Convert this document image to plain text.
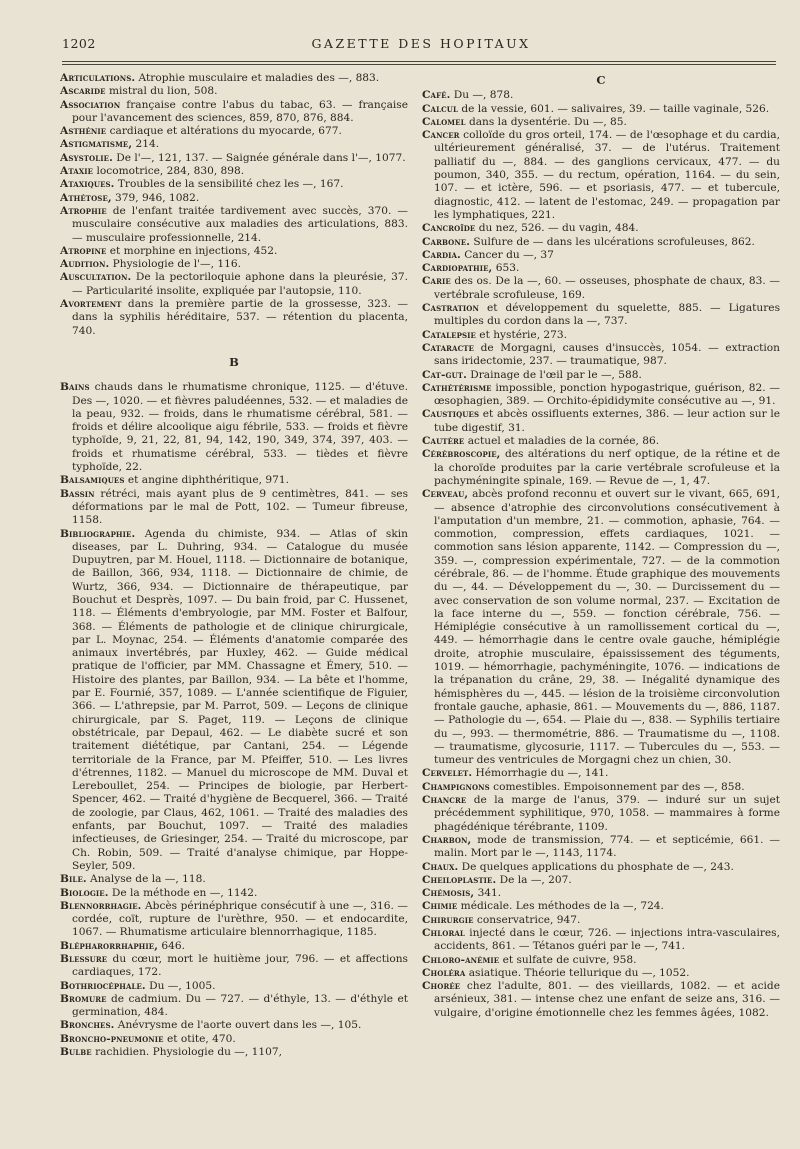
1202	GAZETTE DES HOPITAUX

Articulations. Atrophie musculaire et maladies des —, 883.

Ascaride mistral du lion, 508.

Association française contre l'abus du tabac, 63. — française pour l'avancement des sciences, 859, 870, 876, 884.

Asthénie cardiaque et altérations du myocarde, 677.

Astigmatisme, 214.

Asystolie. De l'—, 121, 137. — Saignée générale dans l'—, 1077.

Ataxie locomotrice, 284, 830, 898.

Ataxiques. Troubles de la sensibilité chez les —, 167.

Athétose, 379, 946, 1082.

Atrophie de l'enfant traitée tardivement avec succès, 370. — musculaire consécutive aux maladies des articulations, 883. — musculaire professionnelle, 214.

Atropine et morphine en injections, 452.

Audition. Physiologie de l'—, 116.

Auscultation. De la pectoriloquie aphone dans la pleurésie, 37. — Particularité insolite, expliquée par l'autopsie, 110.

Avortement dans la première partie de la grossesse, 323. — dans la syphilis héréditaire, 537. — rétention du placenta, 740.

B

Bains chauds dans le rhumatisme chronique, 1125. — d'étuve. Des —, 1020. — et fièvres paludéennes, 532. — et maladies de la peau, 932. — froids, dans le rhumatisme cérébral, 581. — froids et délire alcoolique aigu fébrile, 533. — froids et fièvre typhoïde, 9, 21, 22, 81, 94, 142, 190, 349, 374, 397, 403. — froids et rhumatisme cérébral, 533. — tièdes et fièvre typhoïde, 22.

Balsamiques et angine diphthéritique, 971.

Bassin rétréci, mais ayant plus de 9 centimètres, 841. — ses déformations par le mal de Pott, 102. — Tumeur fibreuse, 1158.

Bibliographie. Agenda du chimiste, 934. — Atlas of skin diseases, par L. Duhring, 934. — Catalogue du musée Dupuytren, par M. Houel, 1118. — Dictionnaire de botanique, de Baillon, 366, 934, 1118. — Dictionnaire de chimie, de Wurtz, 366, 934. — Dictionnaire de thérapeutique, par Bouchut et Desprès, 1097. — Du bain froid, par C. Hussenet, 118. — Éléments d'embryologie, par MM. Foster et Balfour, 368. — Éléments de pathologie et de clinique chirurgicale, par L. Moynac, 254. — Éléments d'anatomie comparée des animaux invertébrés, par Huxley, 462. — Guide médical pratique de l'officier, par MM. Chassagne et Émery, 510. — Histoire des plantes, par Baillon, 934. — La bête et l'homme, par E. Fournié, 357, 1089. — L'année scientifique de Figuier, 366. — L'athrepsie, par M. Parrot, 509. — Leçons de clinique chirurgicale, par S. Paget, 119. — Leçons de clinique obstétricale, par Depaul, 462. — Le diabète sucré et son traitement diététique, par Cantani, 254. — Légende territoriale de la France, par M. Pfeiffer, 510. — Les livres d'étrennes, 1182. — Manuel du microscope de MM. Duval et Lereboullet, 254. — Principes de biologie, par Herbert-Spencer, 462. — Traité d'hygiène de Becquerel, 366. — Traité de zoologie, par Claus, 462, 1061. — Traité des maladies des enfants, par Bouchut, 1097. — Traité des maladies infectieuses, de Griesinger, 254. — Traité du microscope, par Ch. Robin, 509. — Traité d'analyse chimique, par Hoppe-Seyler, 509.

Bile. Analyse de la —, 118.

Biologie. De la méthode en —, 1142.

Blennorrhagie. Abcès périnéphrique consécutif à une —, 316. — cordée, coït, rupture de l'urèthre, 950. — et endocardite, 1067. — Rhumatisme articulaire blennorrhagique, 1185.

Blépharorrhaphie, 646.

Blessure du cœur, mort le huitième jour, 796. — et affections cardiaques, 172.

Bothriocéphale. Du —, 1005.

Bromure de cadmium. Du — 727. — d'éthyle, 13. — d'éthyle et germination, 484.

Bronches. Anévrysme de l'aorte ouvert dans les —, 105.

Broncho-pneumonie et otite, 470.

Bulbe rachidien. Physiologie du —, 1107,

C

Café. Du —, 878.

Calcul de la vessie, 601. — salivaires, 39. — taille vaginale, 526.

Calomel dans la dysentérie. Du —, 85.

Cancer colloïde du gros orteil, 174. — de l'œsophage et du cardia, ultérieurement généralisé, 37. — de l'utérus. Traitement palliatif du —, 884. — des ganglions cervicaux, 477. — du poumon, 340, 355. — du rectum, opération, 1164. — du sein, 107. — et ictère, 596. — et psoriasis, 477. — et tubercule, diagnostic, 412. — latent de l'estomac, 249. — propagation par les lymphatiques, 221.

Cancroïde du nez, 526. — du vagin, 484.

Carbone. Sulfure de — dans les ulcérations scrofuleuses, 862.

Cardia. Cancer du —, 37

Cardiopathie, 653.

Carie des os. De la —, 60. — osseuses, phosphate de chaux, 83. — vertébrale scrofuleuse, 169.

Castration et développement du squelette, 885. — Ligatures multiples du cordon dans la —, 737.

Catalepsie et hystérie, 273.

Cataracte de Morgagni, causes d'insuccès, 1054. — extraction sans iridectomie, 237. — traumatique, 987.

Cat-gut. Drainage de l'œil par le —, 588.

Cathétérisme impossible, ponction hypogastrique, guérison, 82. — œsophagien, 389. — Orchito-épididymite consécutive au —, 91.

Caustiques et abcès ossifluents externes, 386. — leur action sur le tube digestif, 31.

Cautère actuel et maladies de la cornée, 86.

Cérébroscopie, des altérations du nerf optique, de la rétine et de la choroïde produites par la carie vertébrale scrofuleuse et la pachyméningite spinale, 169. — Revue de —, 1, 47.

Cerveau, abcès profond reconnu et ouvert sur le vivant, 665, 691, — absence d'atrophie des circonvolutions consécutivement à l'amputation d'un membre, 21. — commotion, aphasie, 764. — commotion, compression, effets cardiaques, 1021. — commotion sans lésion apparente, 1142. — Compression du —, 359. —, compression expérimentale, 727. — de la commotion cérébrale, 86. — de l'homme. Étude graphique des mouvements du —, 44. — Développement du —, 30. — Durcissement du — avec conservation de son volume normal, 237. — Excitation de la face interne du —, 559. — fonction cérébrale, 756. — Hémiplégie consécutive à un ramollissement cortical du —, 449. — hémorrhagie dans le centre ovale gauche, hémiplégie droite, atrophie musculaire, épaississement des téguments, 1019. — hémorrhagie, pachyméningite, 1076. — indications de la trépanation du crâne, 29, 38. — Inégalité dynamique des hémisphères du —, 445. — lésion de la troisième circonvolution frontale gauche, aphasie, 861. — Mouvements du —, 886, 1187. — Pathologie du —, 654. — Plaie du —, 838. — Syphilis tertiaire du —, 993. — thermométrie, 886. — Traumatisme du —, 1108. — traumatisme, glycosurie, 1117. — Tubercules du —, 553. — tumeur des ventricules de Morgagni chez un chien, 30.

Cervelet. Hémorrhagie du —, 141.

Champignons comestibles. Empoisonnement par des —, 858.

Chancre de la marge de l'anus, 379. — induré sur un sujet précédemment syphilitique, 970, 1058. — mammaires à forme phagédénique térébrante, 1109.

Charbon, mode de transmission, 774. — et septicémie, 661. — malin. Mort par le —, 1143, 1174.

Chaux. De quelques applications du phosphate de —, 243.

Cheiloplastie. De la —, 207.

Chémosis, 341.

Chimie médicale. Les méthodes de la —, 724.

Chirurgie conservatrice, 947.

Chloral injecté dans le cœur, 726. — injections intra-vasculaires, accidents, 861. — Tétanos guéri par le —, 741.

Chloro-anémie et sulfate de cuivre, 958.

Choléra asiatique. Théorie tellurique du —, 1052.

Chorée chez l'adulte, 801. — des vieillards, 1082. — et acide arsénieux, 381. — intense chez une enfant de seize ans, 316. — vulgaire, d'origine émotionnelle chez les femmes âgées, 1082.
